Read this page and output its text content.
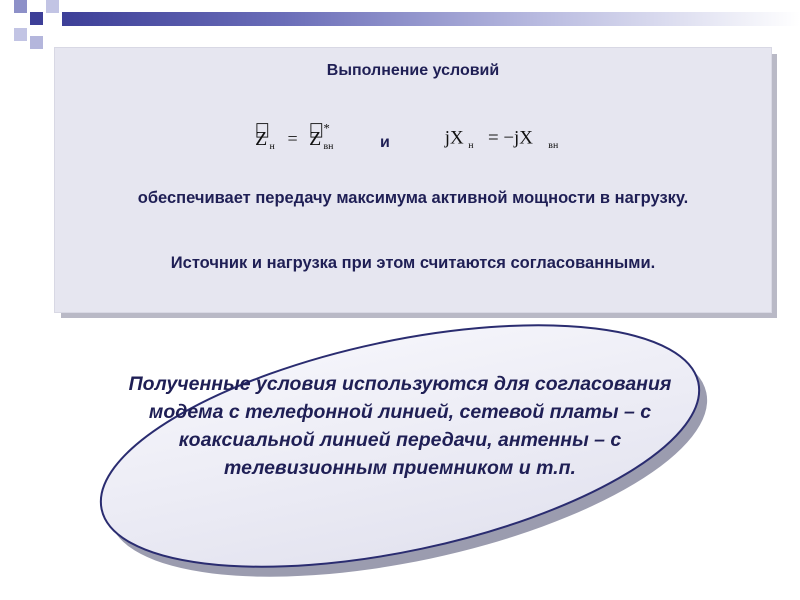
Выполнение условий
Z н = Z *
вн	и	jX н = −jX вн
обеспечивает передачу максимума активной мощности в нагрузку.
Источник и нагрузка при этом считаются согласованными.
Полученные условия используются для согласования модема с телефонной линией, сетевой платы – с коаксиальной линией передачи, антенны – с телевизионным приемником и т.п.
